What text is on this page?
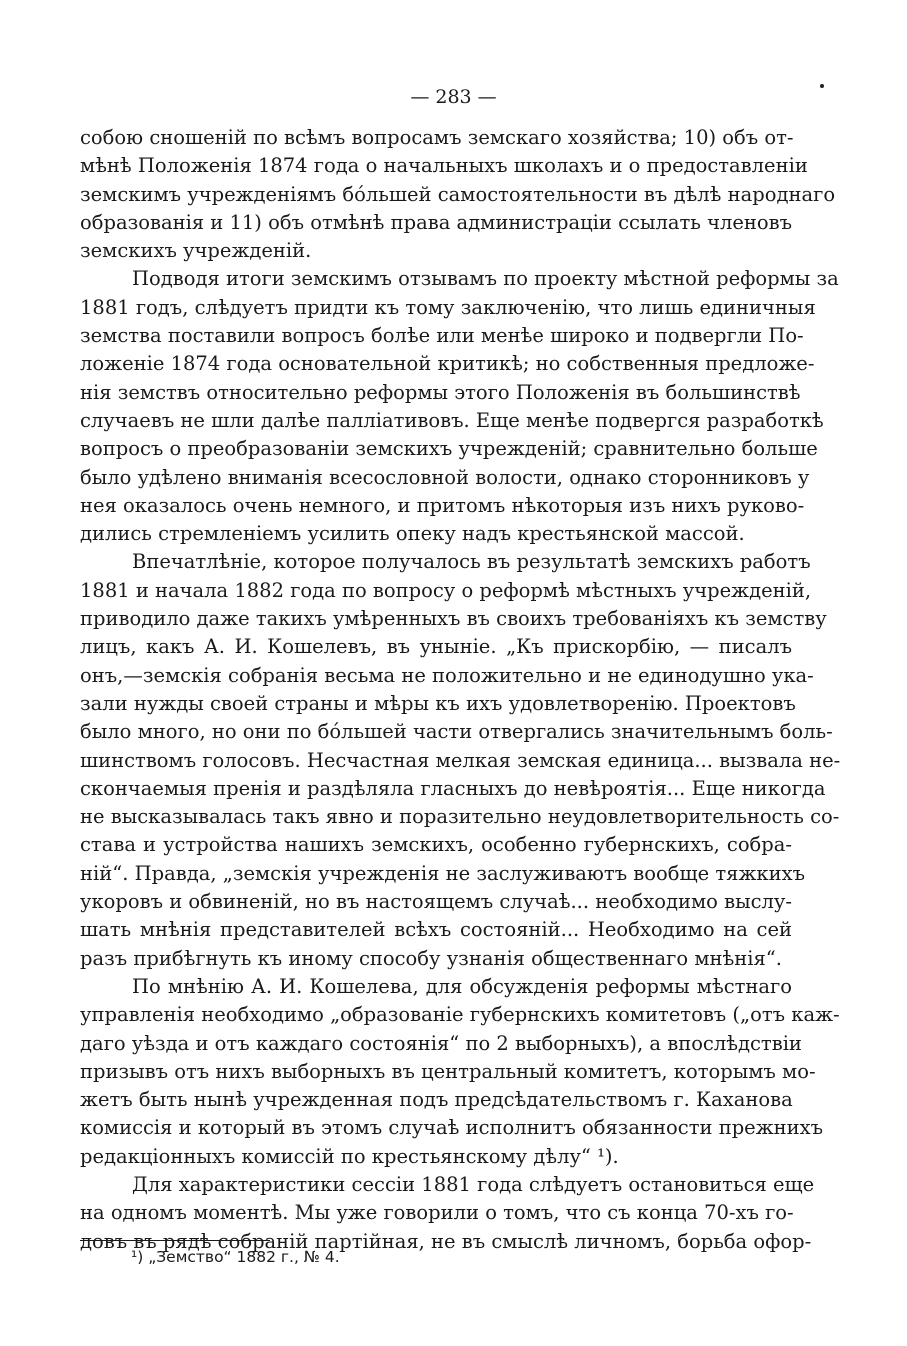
— 283 —
собою сношеній по всѣмъ вопросамъ земскаго хозяйства; 10) объ от-
мѣнѣ Положенія 1874 года о начальныхъ школахъ и о предоставленіи
земскимъ учрежденіямъ бóльшей самостоятельности въ дѣлѣ народнаго
образованія и 11) объ отмѣнѣ права администраціи ссылать членовъ
земскихъ учрежденій.
Подводя итоги земскимъ отзывамъ по проекту мѣстной реформы за
1881 годъ, слѣдуетъ придти къ тому заключенію, что лишь единичныя
земства поставили вопросъ болѣе или менѣе широко и подвергли По-
ложеніе 1874 года основательной критикѣ; но собственныя предложе-
нія земствъ относительно реформы этого Положенія въ большинствѣ
случаевъ не шли далѣе палліативовъ. Еще менѣе подвергся разработкѣ
вопросъ о преобразованіи земскихъ учрежденій; сравнительно больше
было удѣлено вниманія всесословной волости, однако сторонниковъ у
нея оказалось очень немного, и притомъ нѣкоторыя изъ нихъ руково-
дились стремленіемъ усилить опеку надъ крестьянской массой.
Впечатлѣніе, которое получалось въ результатѣ земскихъ работъ
1881 и начала 1882 года по вопросу о реформѣ мѣстныхъ учрежденій,
приводило даже такихъ умѣренныхъ въ своихъ требованіяхъ къ земству
лицъ, какъ А. И. Кошелевъ, въ уныніе. „Къ прискорбію, — писалъ
онъ,—земскія собранія весьма не положительно и не единодушно ука-
зали нужды своей страны и мѣры къ ихъ удовлетворенію. Проектовъ
было много, но они по бóльшей части отвергались значительнымъ боль-
шинствомъ голосовъ. Несчастная мелкая земская единица... вызвала не-
скончаемыя пренія и раздѣляла гласныхъ до невѣроятія... Еще никогда
не высказывалась такъ явно и поразительно неудовлетворительность со-
става и устройства нашихъ земскихъ, особенно губернскихъ, собра-
ній“. Правда, „земскія учрежденія не заслуживаютъ вообще тяжкихъ
укоровъ и обвиненій, но въ настоящемъ случаѣ... необходимо выслу-
шать мнѣнія представителей всѣхъ состояній... Необходимо на сей
разъ прибѣгнуть къ иному способу узнанія общественнаго мнѣнія“.
По мнѣнію А. И. Кошелева, для обсужденія реформы мѣстнаго
управленія необходимо „образованіе губернскихъ комитетовъ („отъ каж-
даго уѣзда и отъ каждаго состоянія“ по 2 выборныхъ), а впослѣдствіи
призывъ отъ нихъ выборныхъ въ центральный комитетъ, которымъ мо-
жетъ быть нынѣ учрежденная подъ предсѣдательствомъ г. Каханова
комиссія и который въ этомъ случаѣ исполнитъ обязанности прежнихъ
редакціонныхъ комиссій по крестьянскому дѣлу“ ¹).
Для характеристики сессіи 1881 года слѣдуетъ остановиться еще
на одномъ моментѣ. Мы уже говорили о томъ, что съ конца 70-хъ го-
довъ въ рядѣ собраній партійная, не въ смыслѣ личномъ, борьба офор-
¹) „Земство“ 1882 г., № 4.
